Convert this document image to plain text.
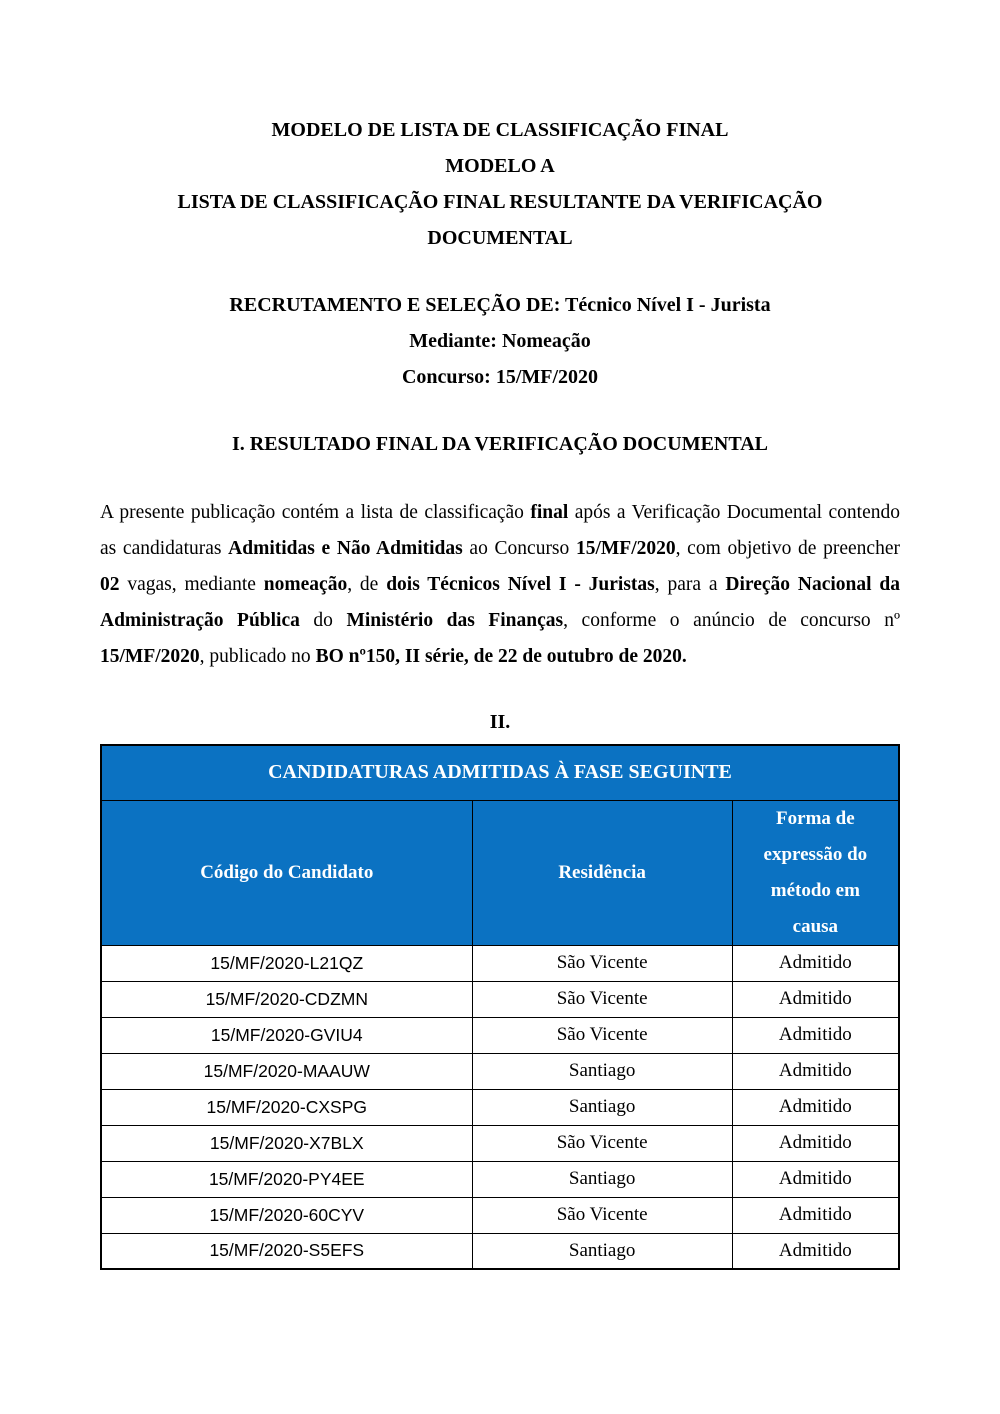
MODELO DE LISTA DE CLASSIFICAÇÃO FINAL

MODELO A

LISTA DE CLASSIFICAÇÃO FINAL RESULTANTE DA VERIFICAÇÃO

DOCUMENTAL

RECRUTAMENTO E SELEÇÃO DE: Técnico Nível I - Jurista

Mediante: Nomeação

Concurso: 15/MF/2020

I. RESULTADO FINAL DA VERIFICAÇÃO DOCUMENTAL

A presente publicação contém a lista de classificação final após a Verificação Documental contendo as candidaturas Admitidas e Não Admitidas ao Concurso 15/MF/2020, com objetivo de preencher 02 vagas, mediante nomeação, de dois Técnicos Nível I - Juristas, para a Direção Nacional da Administração Pública do Ministério das Finanças, conforme o anúncio de concurso nº 15/MF/2020, publicado no BO nº150, II série, de 22 de outubro de 2020.

II.

CANDIDATURAS ADMITIDAS À FASE SEGUINTE		
Código do Candidato	Residência	Forma de expressão do método em causa
15/MF/2020-L21QZ	São Vicente	Admitido
15/MF/2020-CDZMN	São Vicente	Admitido
15/MF/2020-GVIU4	São Vicente	Admitido
15/MF/2020-MAAUW	Santiago	Admitido
15/MF/2020-CXSPG	Santiago	Admitido
15/MF/2020-X7BLX	São Vicente	Admitido
15/MF/2020-PY4EE	Santiago	Admitido
15/MF/2020-60CYV	São Vicente	Admitido
15/MF/2020-S5EFS	Santiago	Admitido
